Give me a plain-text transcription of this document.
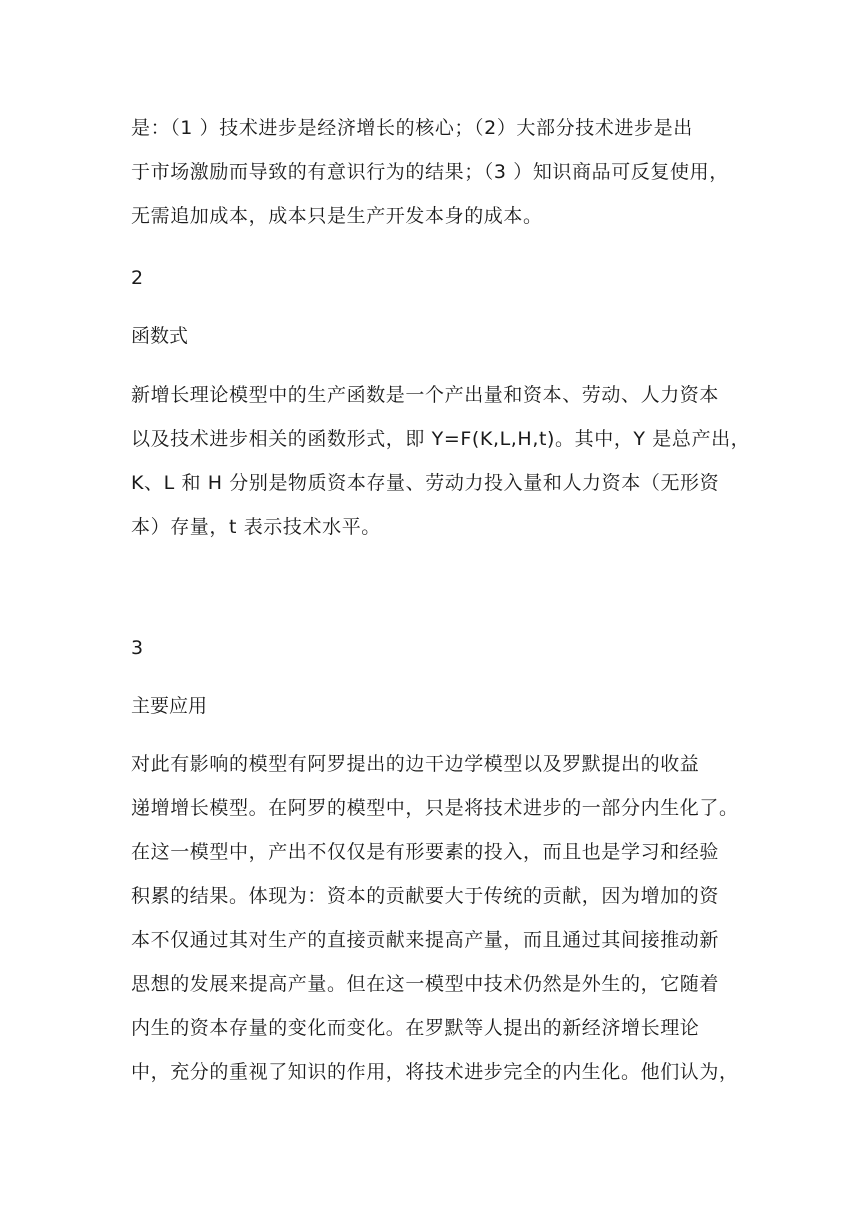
是：（1 ）技术进步是经济增长的核心；（2）大部分技术进步是出
于市场激励而导致的有意识行为的结果；（3 ）知识商品可反复使用，
无需追加成本，成本只是生产开发本身的成本。
2
函数式
新增长理论模型中的生产函数是一个产出量和资本、劳动、人力资本
以及技术进步相关的函数形式，即 Y=F(K,L,H,t)。其中，Y 是总产出，
K、L 和 H 分别是物质资本存量、劳动力投入量和人力资本（无形资
本）存量，t 表示技术水平。
3
主要应用
对此有影响的模型有阿罗提出的边干边学模型以及罗默提出的收益
递增增长模型。在阿罗的模型中，只是将技术进步的一部分内生化了。
在这一模型中，产出不仅仅是有形要素的投入，而且也是学习和经验
积累的结果。体现为：资本的贡献要大于传统的贡献，因为增加的资
本不仅通过其对生产的直接贡献来提高产量，而且通过其间接推动新
思想的发展来提高产量。但在这一模型中技术仍然是外生的，它随着
内生的资本存量的变化而变化。在罗默等人提出的新经济增长理论
中，充分的重视了知识的作用，将技术进步完全的内生化。他们认为，
